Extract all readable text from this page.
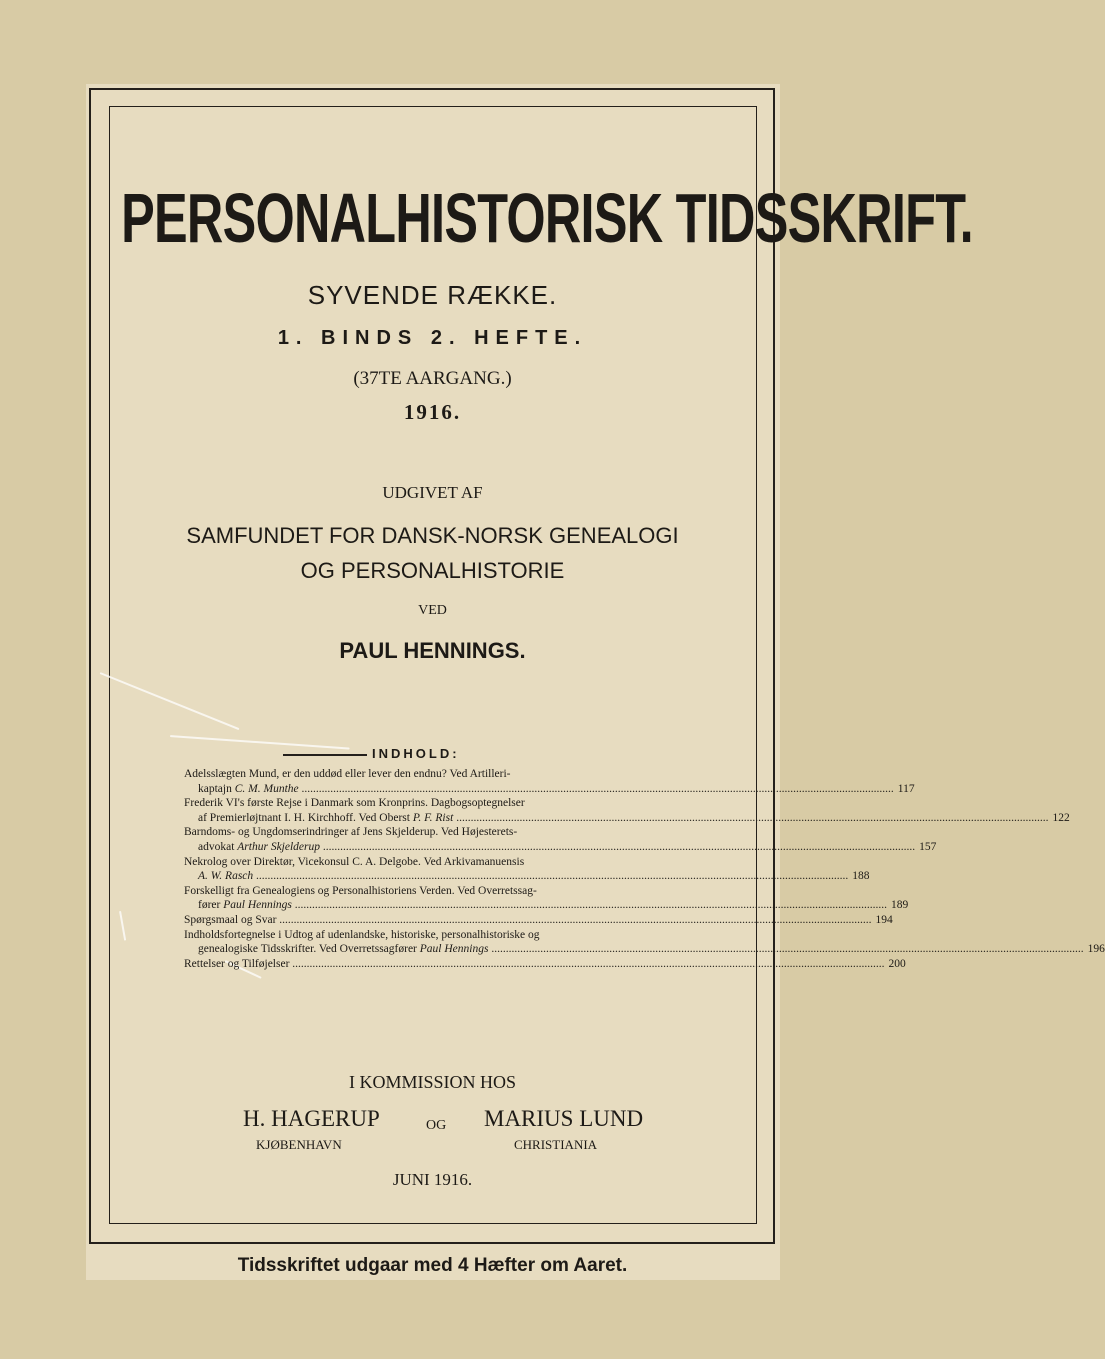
PERSONALHISTORISK TIDSSKRIFT.
SYVENDE RÆKKE.
1. BINDS 2. HEFTE.
(37TE AARGANG.)
1916.
UDGIVET AF
SAMFUNDET FOR DANSK-NORSK GENEALOGI
OG PERSONALHISTORIE
VED
PAUL HENNINGS.
INDHOLD:
Adelsslægten Mund, er den uddød eller lever den endnu? Ved Artilleri-
kaptajn C. M. Munthe .....	117
Frederik VI's første Rejse i Danmark som Kronprins. Dagbogsoptegnelser
af Premierløjtnant I. H. Kirchhoff. Ved Oberst P. F. Rist .....	122
Barndoms- og Ungdomserindringer af Jens Skjelderup. Ved Højesterets-
advokat Arthur Skjelderup .....	157
Nekrolog over Direktør, Vicekonsul C. A. Delgobe. Ved Arkivamanuensis
A. W. Rasch .....	188
Forskelligt fra Genealogiens og Personalhistoriens Verden. Ved Overretssag-
fører Paul Hennings .....	189
Spørgsmaal og Svar .....	194
Indholdsfortegnelse i Udtog af udenlandske, historiske, personalhistoriske og
genealogiske Tidsskrifter. Ved Overretssagfører Paul Hennings .....	196
Rettelser og Tilføjelser .....	200
I KOMMISSION HOS
H. HAGERUP	OG MARIUS LUND
KJØBENHAVN	CHRISTIANIA
JUNI 1916.
Tidsskriftet udgaar med 4 Hæfter om Aaret.
